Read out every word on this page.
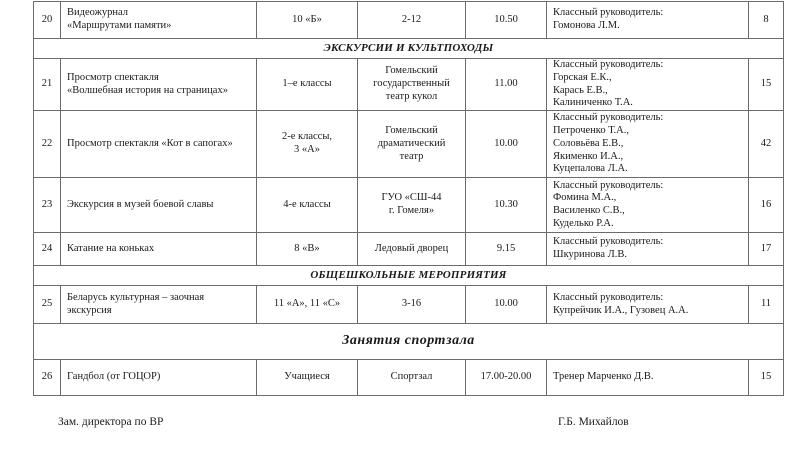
20	Видеожурнал
«Маршрутами памяти»	10 «Б»	2-12	10.50	Классный руководитель:
Гомонова Л.М.	8
ЭКСКУРСИИ И КУЛЬТПОХОДЫ						
21	Просмотр спектакля
«Волшебная история на страницах»	1–е классы	Гомельский
государственный
театр кукол	11.00	Классный руководитель:
Горская Е.К.,
Карась Е.В.,
Калиниченко Т.А.	15
22	Просмотр спектакля «Кот в сапогах»	2-е классы,
3 «А»	Гомельский
драматический
театр	10.00	Классный руководитель:
Петроченко Т.А.,
Соловьёва Е.В.,
Якименко И.А.,
Куцепалова Л.А.	42
23	Экскурсия в музей боевой славы	4-е классы	ГУО «СШ-44
г. Гомеля»	10.30	Классный руководитель:
Фомина М.А.,
Василенко С.В.,
Куделько Р.А.	16
24	Катание на коньках	8 «В»	Ледовый дворец	9.15	Классный руководитель:
Шкуринова Л.В.	17
ОБЩЕШКОЛЬНЫЕ МЕРОПРИЯТИЯ						
25	Беларусь культурная – заочная
экскурсия	11 «А», 11 «С»	3-16	10.00	Классный руководитель:
Купрейчик И.А., Гузовец А.А.	11
Занятия спортзала						
26	Гандбол (от ГОЦОР)	Учащиеся	Спортзал	17.00-20.00	Тренер Марченко Д.В.	15
Зам. директора по ВР	Г.Б. Михайлов
